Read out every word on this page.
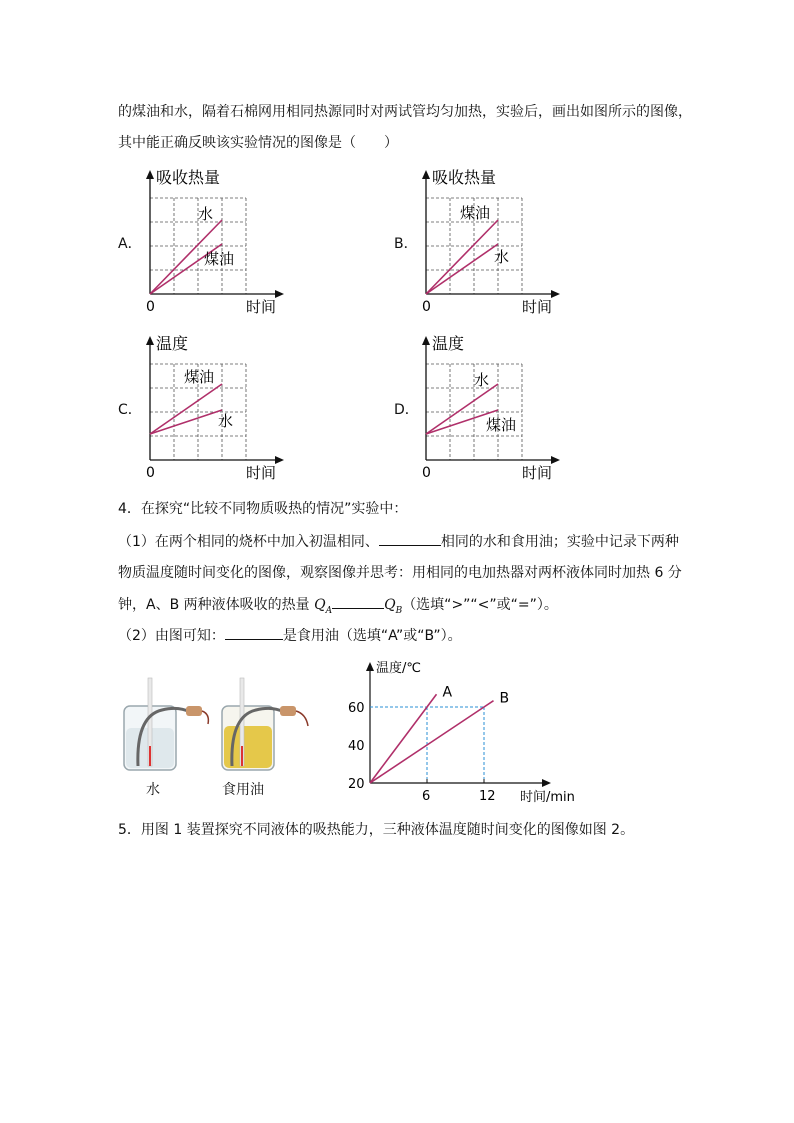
的煤油和水，隔着石棉网用相同热源同时对两试管均匀加热，实验后，画出如图所示的图像，
其中能正确反映该实验情况的图像是（　　）
A．
吸收热量
时间
0
水
煤油
B．
吸收热量
时间
0
煤油
水
C．
温度
时间
0
煤油
水
D．
温度
时间
0
水
煤油
4．在探究“比较不同物质吸热的情况”实验中：
（1）在两个相同的烧杯中加入初温相同、	相同的水和食用油；实验中记录下两种
物质温度随时间变化的图像，观察图像并思考：用相同的电加热器对两杯液体同时加热 6 分
钟，A、B 两种液体吸收的热量 $Q_A$	$Q_B$（选填“>”“<”或“=”）。
（2）由图可知：	是食用油（选填“A”或“B”）。
水	食用油
温度/℃
时间/min
A	B
6	12
20
40
60
5．用图 1 装置探究不同液体的吸热能力，三种液体温度随时间变化的图像如图 2。
